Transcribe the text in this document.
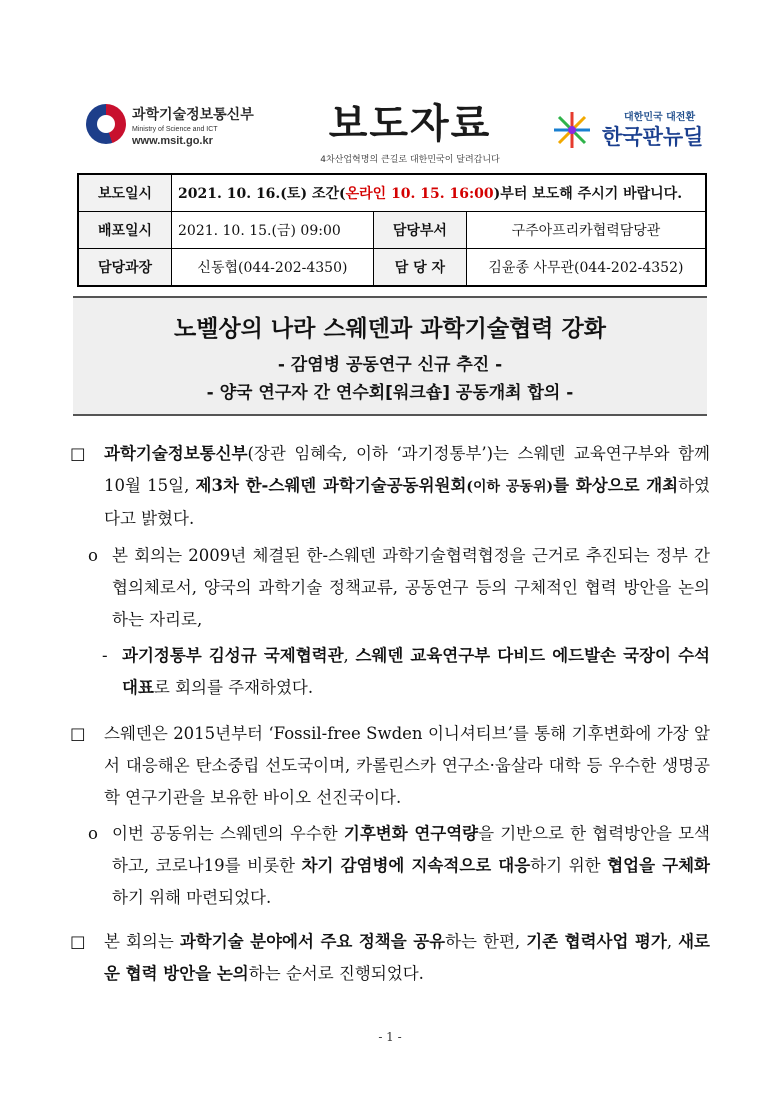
과학기술정보통신부
Ministry of Science and ICT
www.msit.go.kr	보도자료
4차산업혁명의 큰길로 대한민국이 달려갑니다
대한민국 대전환
한국판뉴딜
보도일시	2021. 10. 16.(토) 조간(온라인 10. 15. 16:00)부터 보도해 주시기 바랍니다.		
배포일시	2021. 10. 15.(금) 09:00	담당부서	구주아프리카협력담당관
담당과장	신동협(044-202-4350)	담 당 자	김윤종 사무관(044-202-4352)
노벨상의 나라 스웨덴과 과학기술협력 강화
- 감염병 공동연구 신규 추진 -
- 양국 연구자 간 연수회[워크숍] 공동개최 합의 -
□ 과학기술정보통신부(장관 임혜숙, 이하 ‘과기정통부’)는 스웨덴 교육연구부와 함께 10월 15일, 제3차 한-스웨덴 과학기술공동위원회(이하 공동위)를 화상으로 개최하였다고 밝혔다.
ο 본 회의는 2009년 체결된 한-스웨덴 과학기술협력협정을 근거로 추진되는 정부 간 협의체로서, 양국의 과학기술 정책교류, 공동연구 등의 구체적인 협력 방안을 논의하는 자리로,
- 과기정통부 김성규 국제협력관, 스웨덴 교육연구부 다비드 에드발손 국장이 수석대표로 회의를 주재하였다.
□ 스웨덴은 2015년부터 ‘Fossil-free Swden 이니셔티브’를 통해 기후변화에 가장 앞서 대응해온 탄소중립 선도국이며, 카롤린스카 연구소·웁살라 대학 등 우수한 생명공학 연구기관을 보유한 바이오 선진국이다.
ο 이번 공동위는 스웨덴의 우수한 기후변화 연구역량을 기반으로 한 협력방안을 모색하고, 코로나19를 비롯한 차기 감염병에 지속적으로 대응하기 위한 협업을 구체화하기 위해 마련되었다.
□ 본 회의는 과학기술 분야에서 주요 정책을 공유하는 한편, 기존 협력사업 평가, 새로운 협력 방안을 논의하는 순서로 진행되었다.
- 1 -
